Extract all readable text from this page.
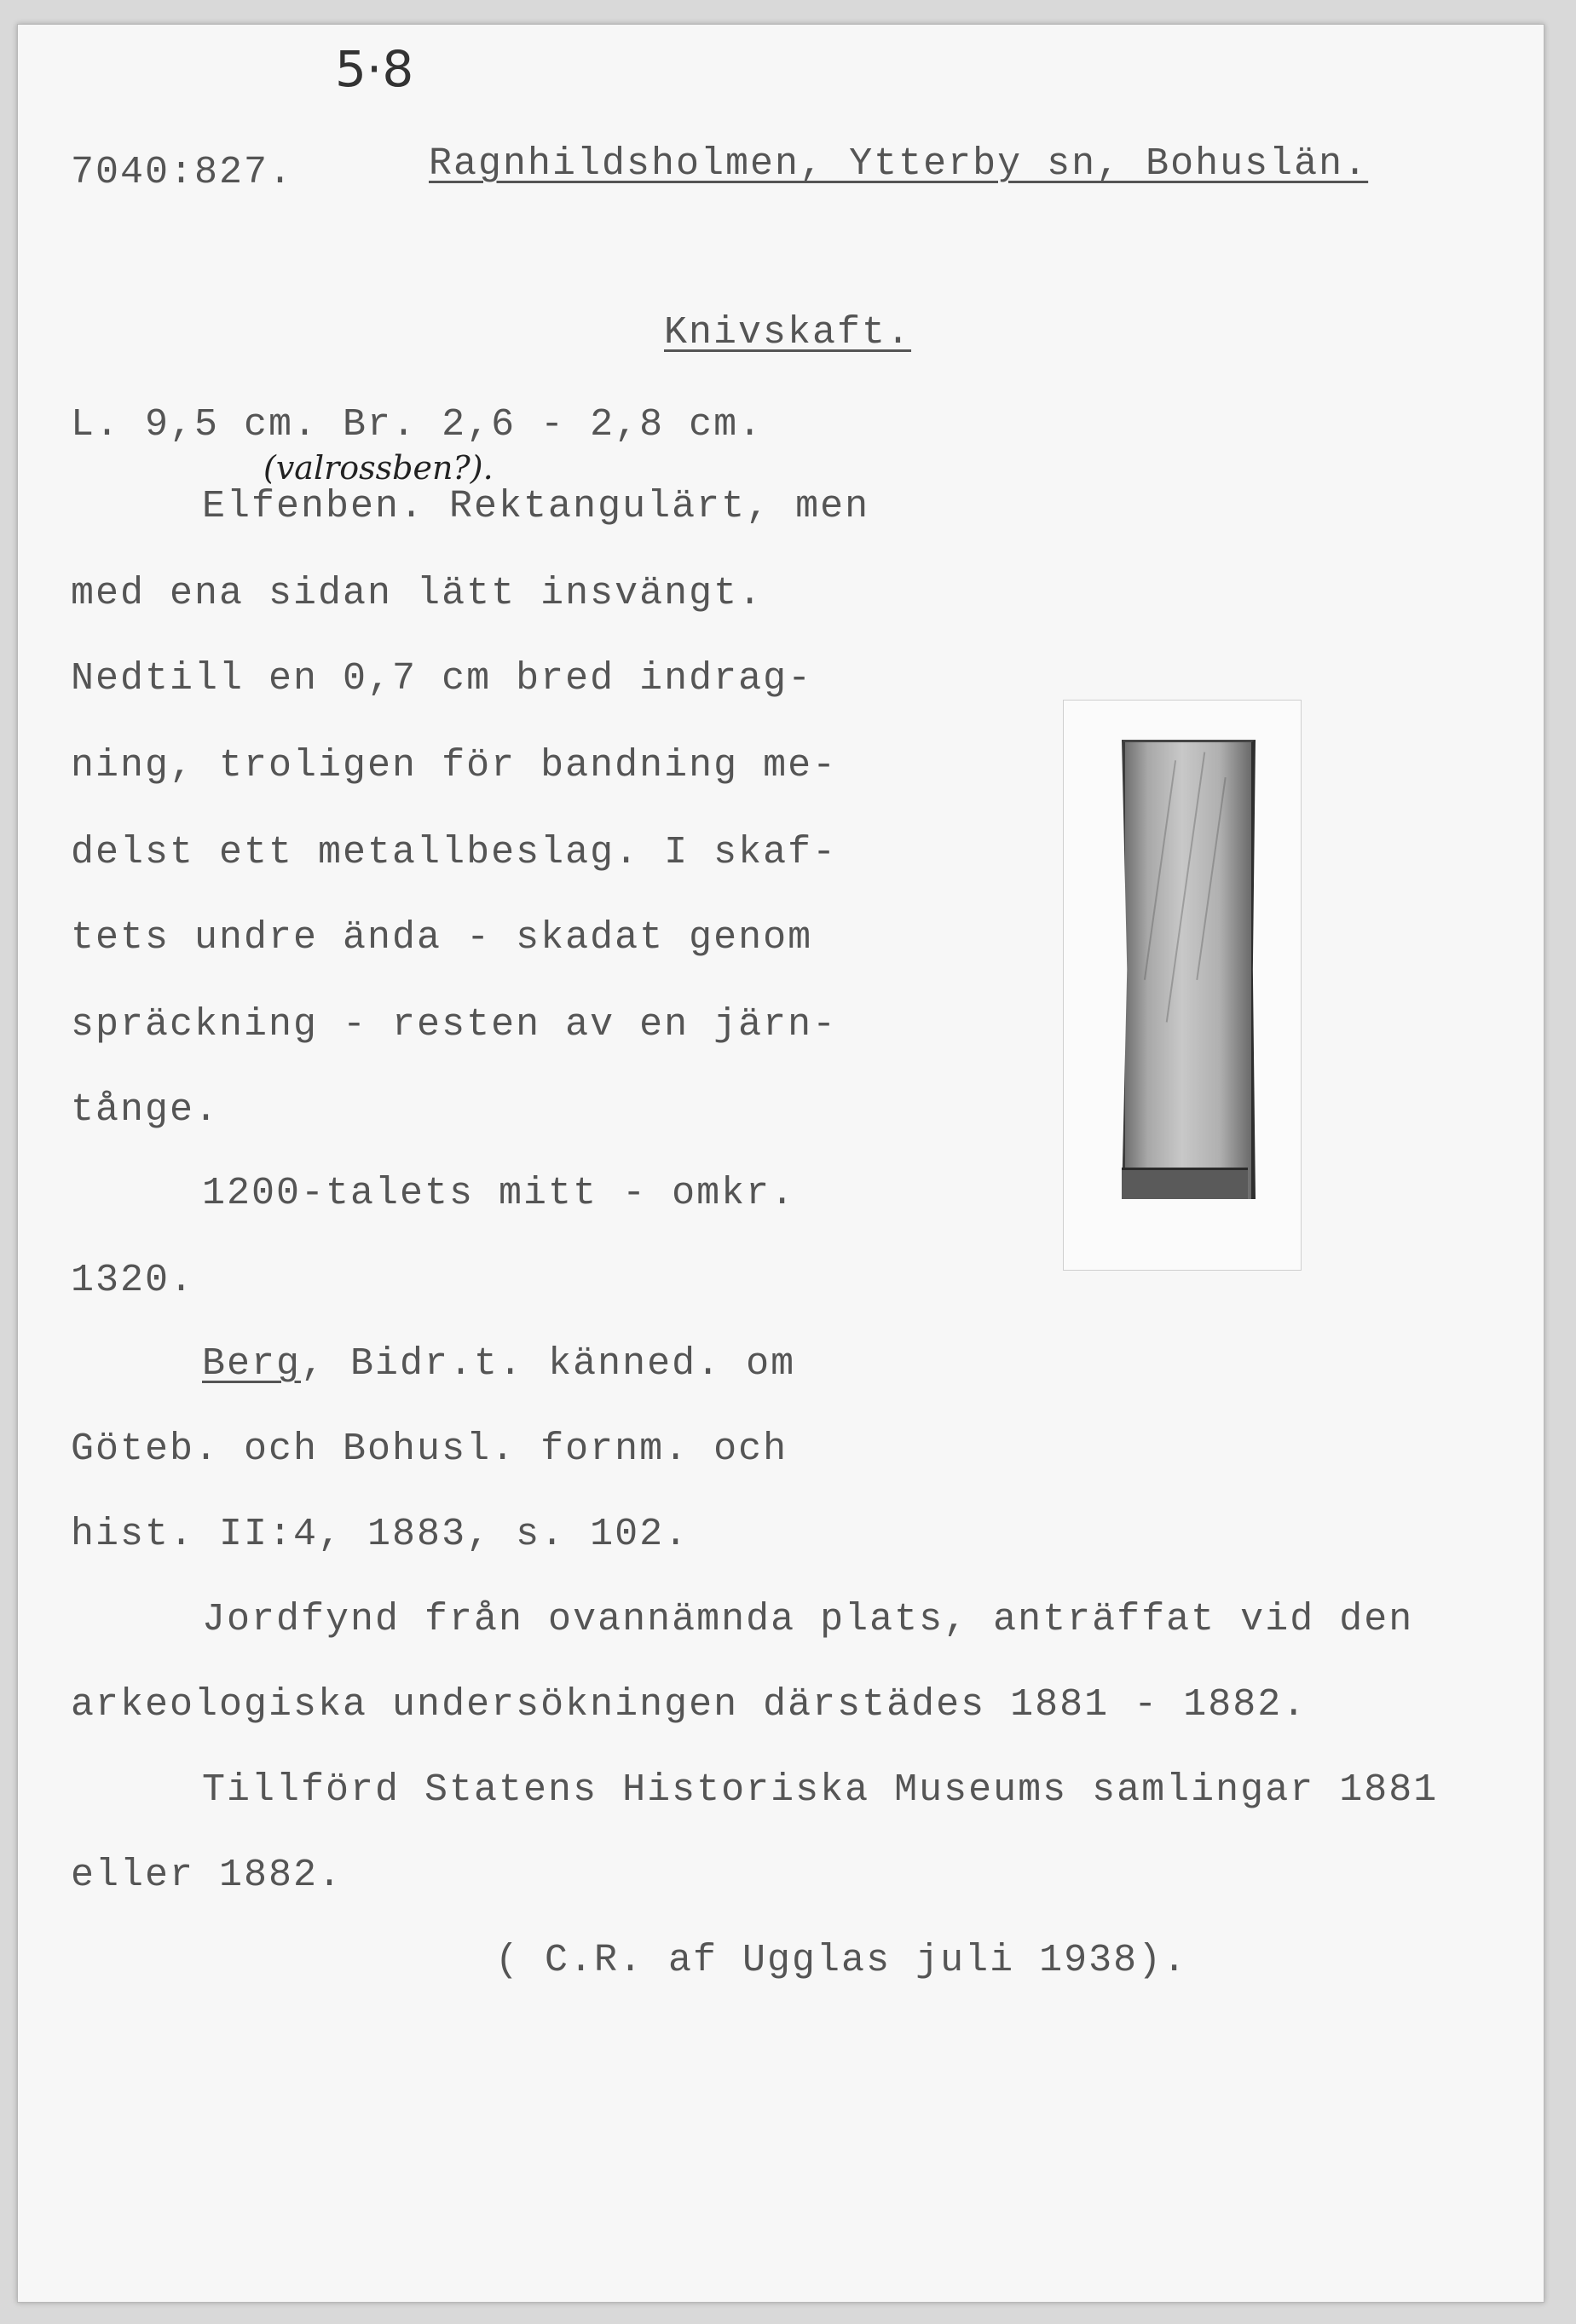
5·8
7040:827.	Ragnhildsholmen, Ytterby sn, Bohuslän.
Knivskaft.
L. 9,5 cm. Br. 2,6 - 2,8 cm.
(valrossben?).
Elfenben. Rektangulärt, men
med ena sidan lätt insvängt.
Nedtill en 0,7 cm bred indrag-
ning, troligen för bandning me-
delst ett metallbeslag. I skaf-
tets undre ända - skadat genom
spräckning - resten av en järn-
tånge.
1200-talets mitt - omkr.
1320.
Berg, Bidr.t. känned. om
Göteb. och Bohusl. fornm. och
hist. II:4, 1883, s. 102.
Jordfynd från ovannämnda plats, anträffat vid den
arkeologiska undersökningen därstädes 1881 - 1882.
Tillförd Statens Historiska Museums samlingar 1881
eller 1882.
( C.R. af Ugglas juli 1938).
